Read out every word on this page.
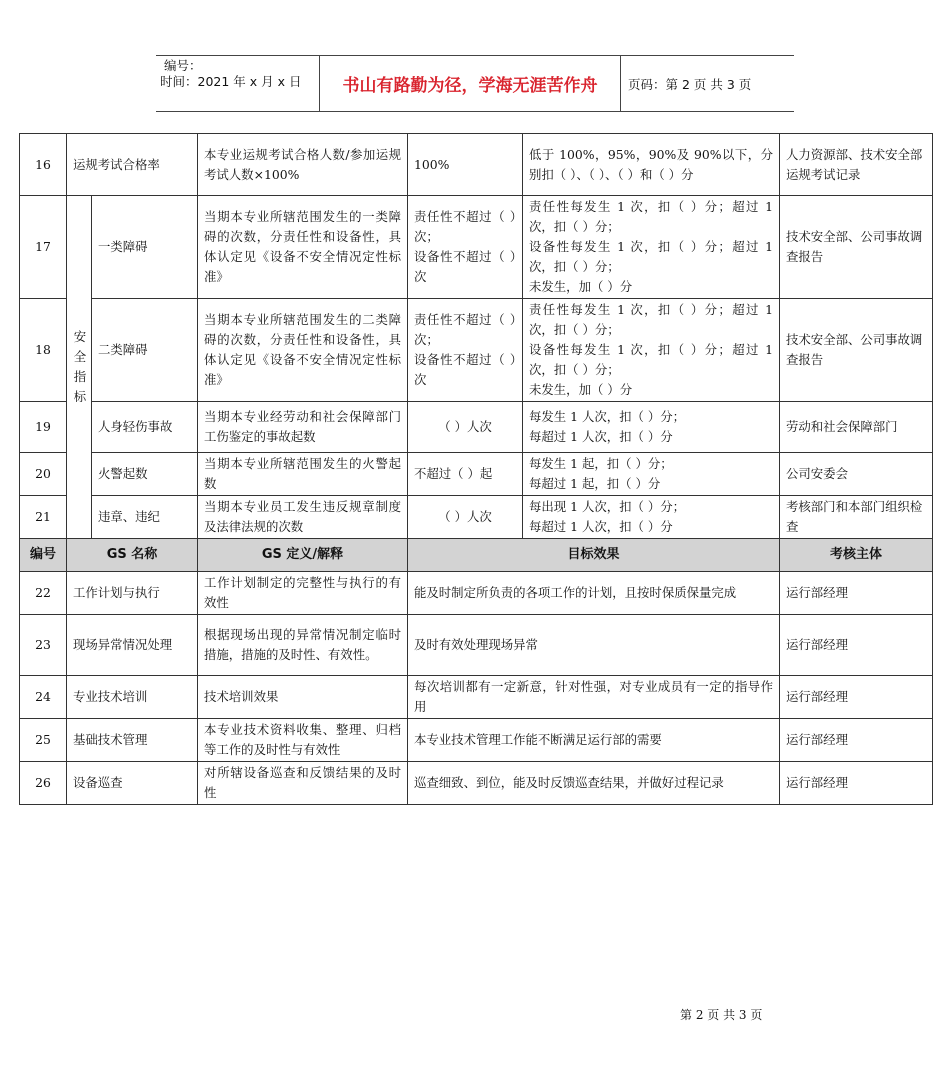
编号：
时间：2021 年 x 月 x 日	书山有路勤为径，学海无涯苦作舟	页码：第 2 页 共 3 页
16	运规考试合格率		本专业运规考试合格人数/参加运规考试人数×100%	100%	低于 100%，95%，90%及 90%以下，分别扣（ ）、（ ）、（ ）和（ ）分	人力资源部、技术安全部运规考试记录
17	安全指标	一类障碍	当期本专业所辖范围发生的一类障碍的次数，分责任性和设备性，具体认定见《设备不安全情况定性标准》	责任性不超过（ ）次；
设备性不超过（ ）次	责任性每发生 1 次，扣（ ）分；超过 1 次，扣（ ）分；
设备性每发生 1 次，扣（ ）分；超过 1 次，扣（ ）分；
未发生，加（ ）分	技术安全部、公司事故调查报告
18		二类障碍	当期本专业所辖范围发生的二类障碍的次数，分责任性和设备性，具体认定见《设备不安全情况定性标准》	责任性不超过（ ）次；
设备性不超过（ ）次	责任性每发生 1 次，扣（ ）分；超过 1 次，扣（ ）分；
设备性每发生 1 次，扣（ ）分；超过 1 次，扣（ ）分；
未发生，加（ ）分	技术安全部、公司事故调查报告
19		人身轻伤事故	当期本专业经劳动和社会保障部门工伤鉴定的事故起数	（ ）人次	每发生 1 人次，扣（ ）分；
每超过 1 人次，扣（ ）分	劳动和社会保障部门
20		火警起数	当期本专业所辖范围发生的火警起数	不超过（ ）起	每发生 1 起，扣（ ）分；
每超过 1 起，扣（ ）分	公司安委会
21		违章、违纪	当期本专业员工发生违反规章制度及法律法规的次数	（ ）人次	每出现 1 人次，扣（ ）分；
每超过 1 人次，扣（ ）分	考核部门和本部门组织检查
编号	GS 名称		GS 定义/解释	目标效果		考核主体
22	工作计划与执行		工作计划制定的完整性与执行的有效性	能及时制定所负责的各项工作的计划，且按时保质保量完成		运行部经理
23	现场异常情况处理		根据现场出现的异常情况制定临时措施，措施的及时性、有效性。	及时有效处理现场异常		运行部经理
24	专业技术培训		技术培训效果	每次培训都有一定新意，针对性强，对专业成员有一定的指导作用		运行部经理
25	基础技术管理		本专业技术资料收集、整理、归档等工作的及时性与有效性	本专业技术管理工作能不断满足运行部的需要		运行部经理
26	设备巡查		对所辖设备巡查和反馈结果的及时性	巡查细致、到位，能及时反馈巡查结果，并做好过程记录		运行部经理
第 2 页 共 3 页
